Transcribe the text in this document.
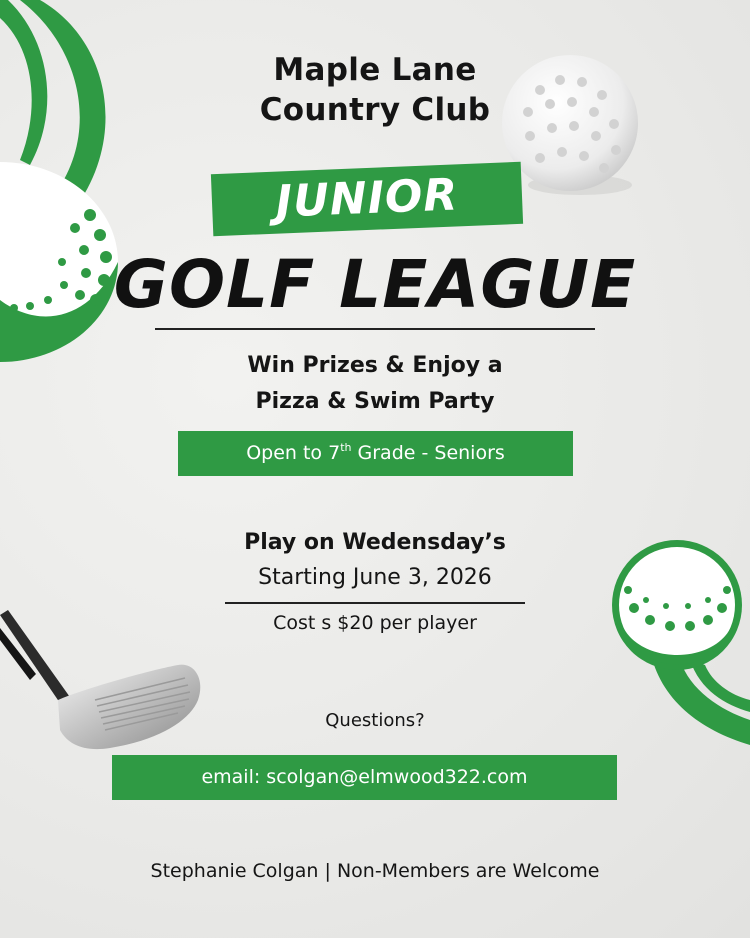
Maple Lane
Country Club
JUNIOR
GOLF LEAGUE
Win Prizes & Enjoy a
Pizza & Swim Party
Open to 7th Grade - Seniors
Play on Wedensday’s
Starting June 3, 2026
Cost s $20 per player
Questions?
email: scolgan@elmwood322.com
Stephanie Colgan | Non-Members are Welcome
